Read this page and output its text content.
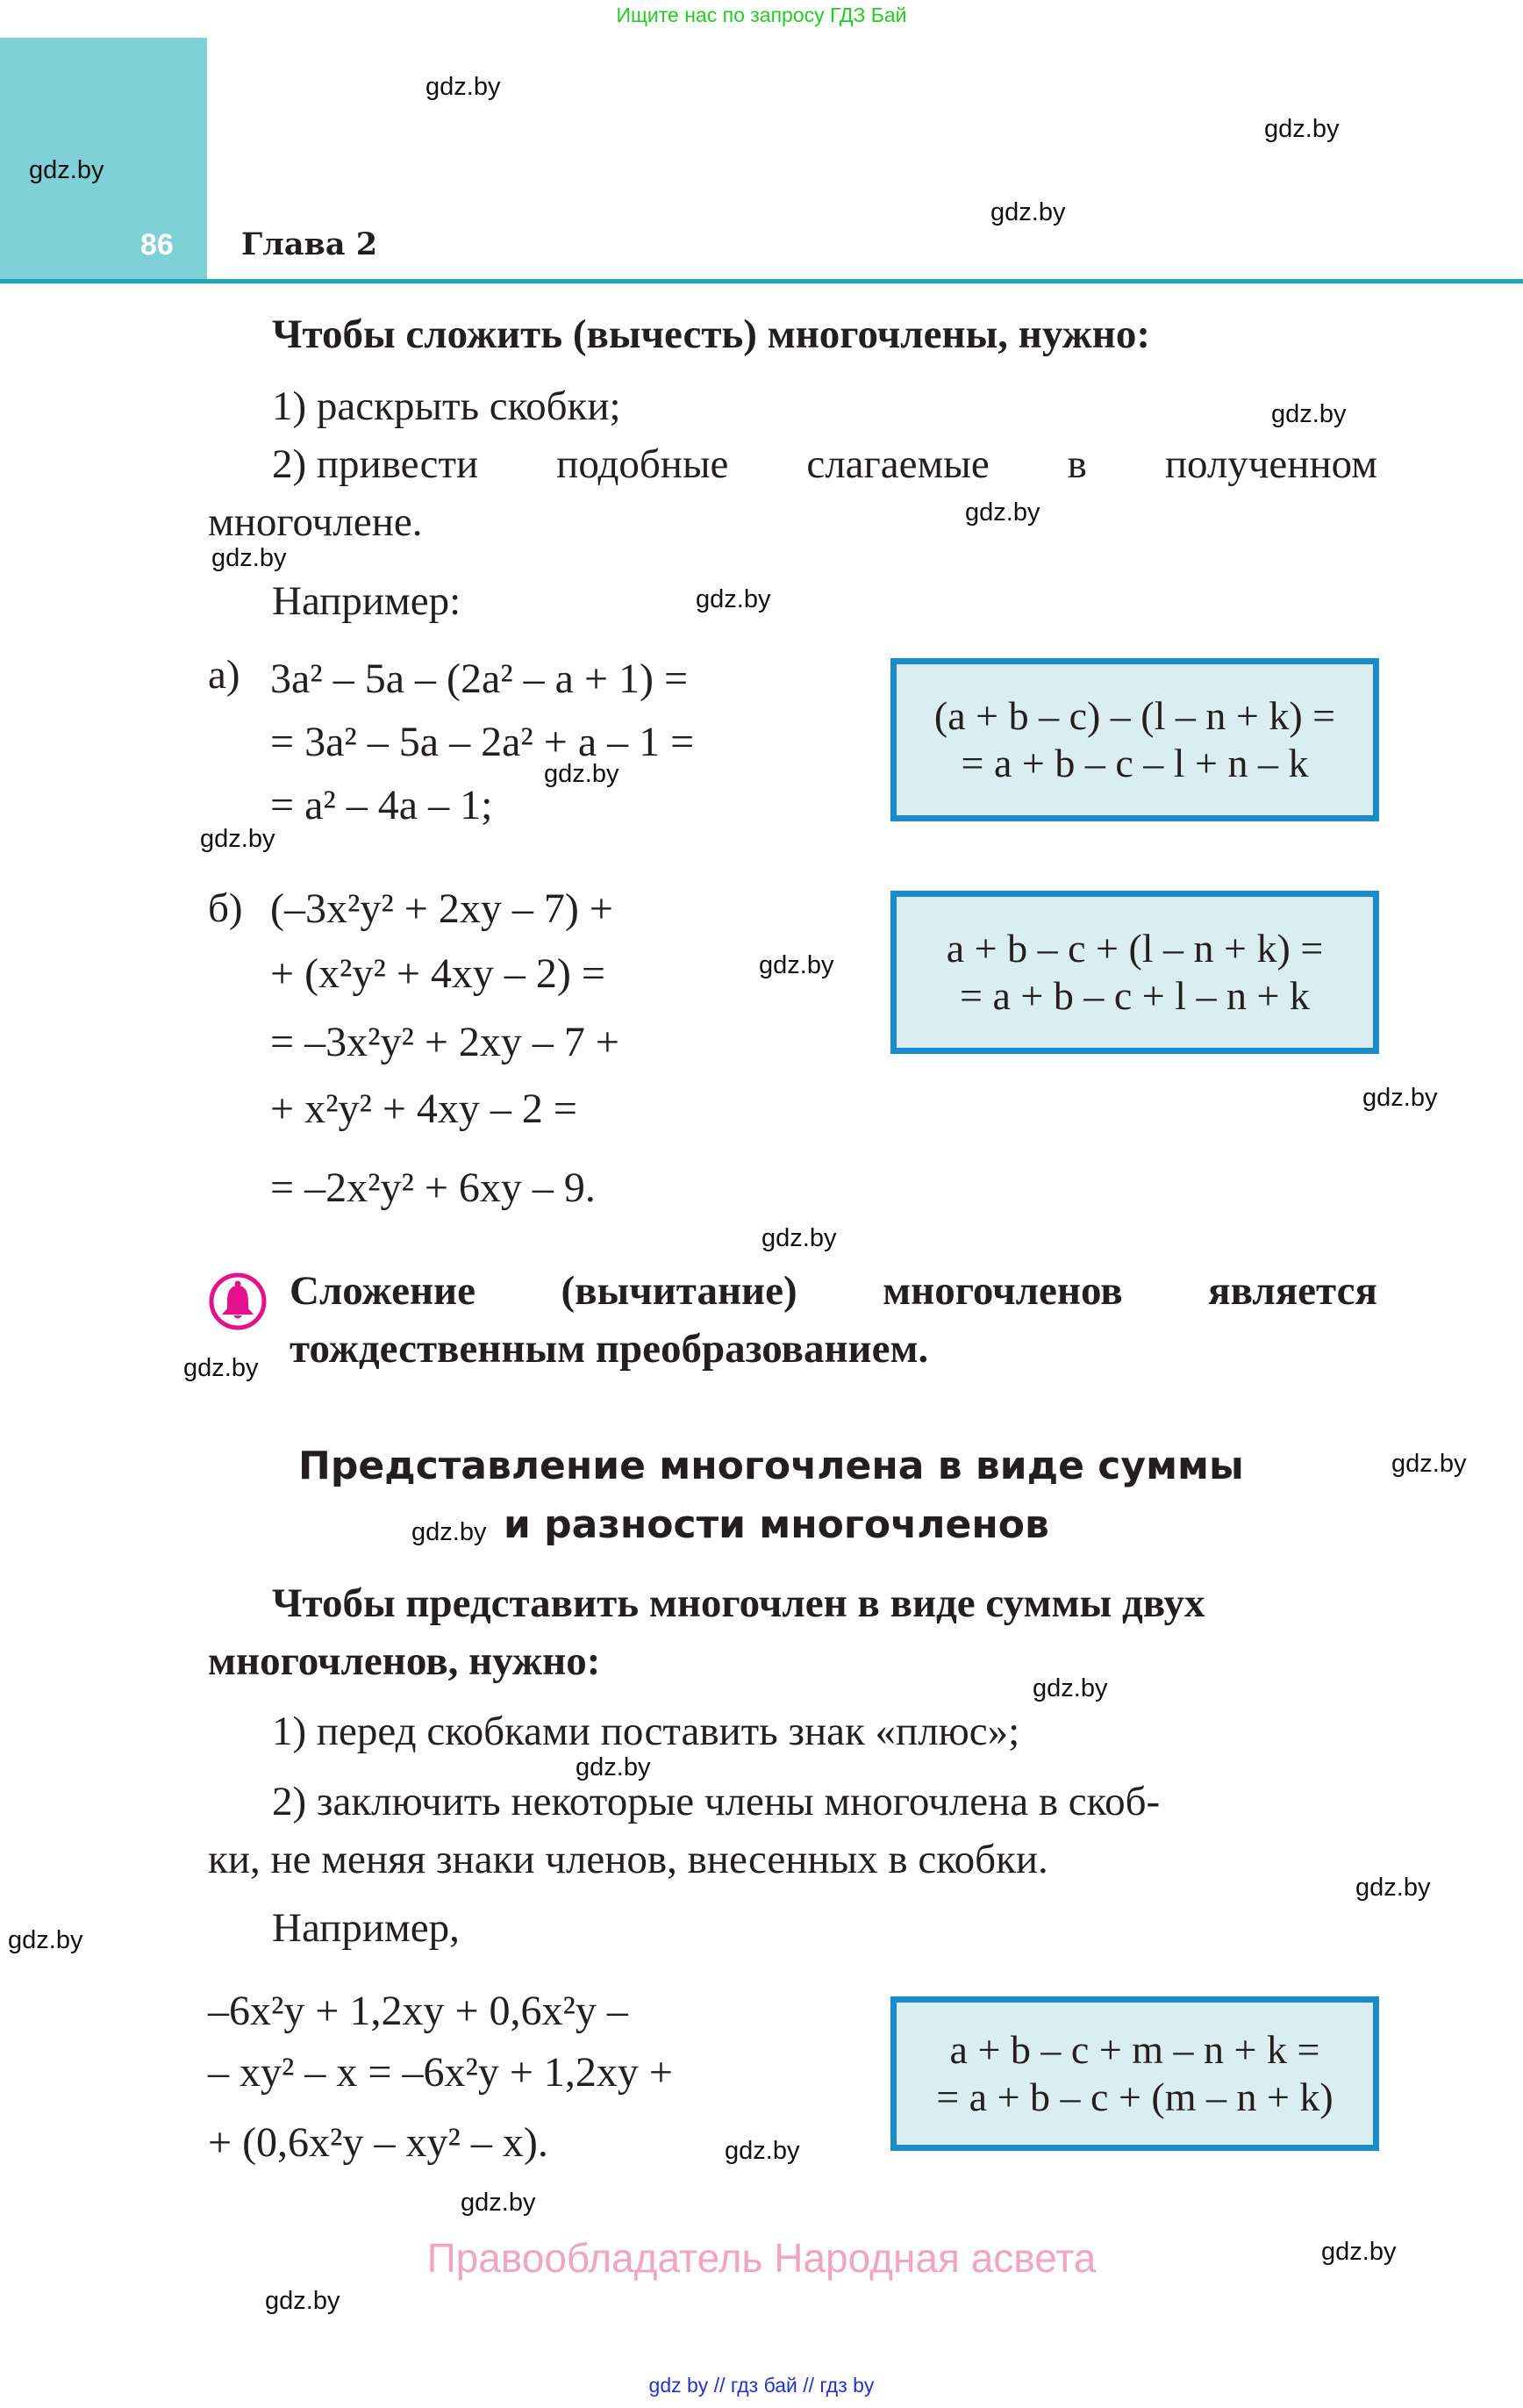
Ищите нас по запросу ГДЗ Бай
86 Глава 2
gdz.by
gdz.by
gdz.by
gdz.by
gdz.by
gdz.by
gdz.by
gdz.by
gdz.by
gdz.by
gdz.by
gdz.by
gdz.by
gdz.by
gdz.by
gdz.by
gdz.by
gdz.by
gdz.by
gdz.by
gdz.by
gdz.by
gdz.by
gdz.by
Чтобы сложить (вычесть) многочлены, нужно:
1) раскрыть скобки;
2) привести подобные слагаемые в полученном
многочлене.
Например:
а) 3a² – 5a – (2a² – a + 1) =
= 3a² – 5a – 2a² + a – 1 =
= a² – 4a – 1;
б) (–3x²y² + 2xy – 7) +
+ (x²y² + 4xy – 2) =
= –3x²y² + 2xy – 7 +
+ x²y² + 4xy – 2 =
= –2x²y² + 6xy – 9.
(a + b – c) – (l – n + k) =
= a + b – c – l + n – k
a + b – c + (l – n + k) =
= a + b – c + l – n + k
Сложение (вычитание) многочленов является
тождественным преобразованием.
Представление многочлена в виде суммы
и разности многочленов
Чтобы представить многочлен в виде суммы двух
многочленов, нужно:
1) перед скобками поставить знак «плюс»;
2) заключить некоторые члены многочлена в скоб-
ки, не меняя знаки членов, внесенных в скобки.
Например,
–6x²y + 1,2xy + 0,6x²y –
– xy² – x = –6x²y + 1,2xy +
+ (0,6x²y – xy² – x).
a + b – c + m – n + k =
= a + b – c + (m – n + k)
Правообладатель Народная асвета
gdz by // гдз бай // гдз by
